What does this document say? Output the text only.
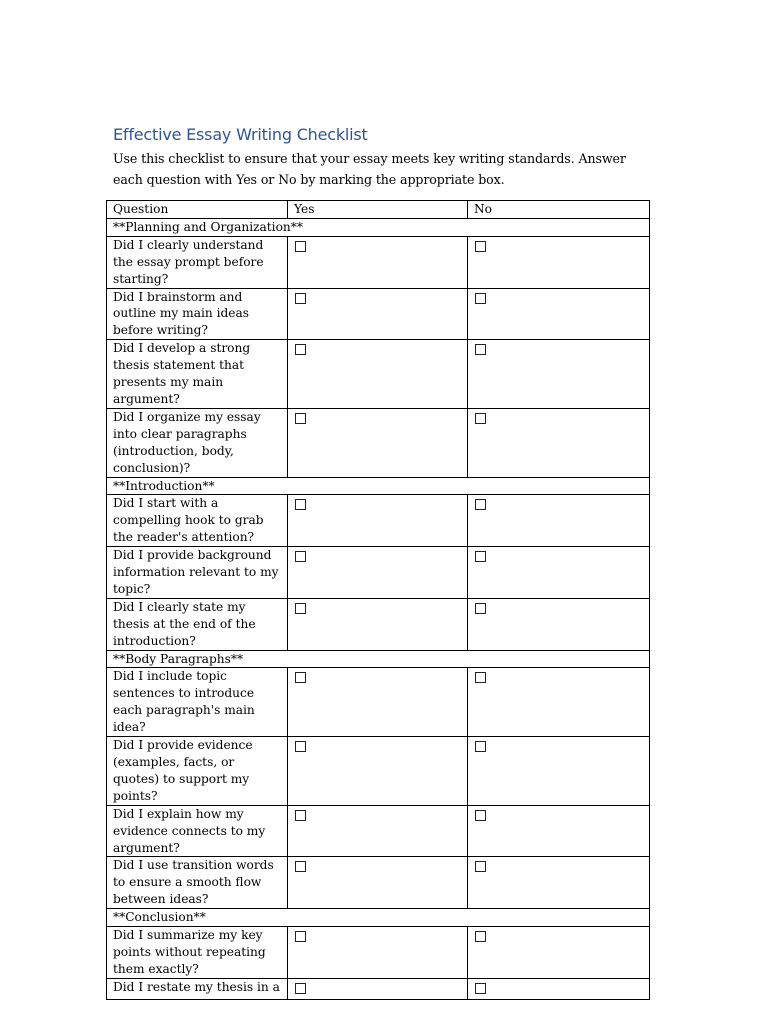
Effective Essay Writing Checklist

Use this checklist to ensure that your essay meets key writing standards. Answer each question with Yes or No by marking the appropriate box.

Question	Yes	No
**Planning and Organization**		
Did I clearly understand the essay prompt before starting?		
Did I brainstorm and outline my main ideas before writing?		
Did I develop a strong thesis statement that presents my main argument?		
Did I organize my essay into clear paragraphs (introduction, body, conclusion)?		
**Introduction**		
Did I start with a compelling hook to grab the reader's attention?		
Did I provide background information relevant to my topic?		
Did I clearly state my thesis at the end of the introduction?		
**Body Paragraphs**		
Did I include topic sentences to introduce each paragraph's main idea?		
Did I provide evidence (examples, facts, or quotes) to support my points?		
Did I explain how my evidence connects to my argument?		
Did I use transition words to ensure a smooth flow between ideas?		
**Conclusion**		
Did I summarize my key points without repeating them exactly?		
Did I restate my thesis in a		
